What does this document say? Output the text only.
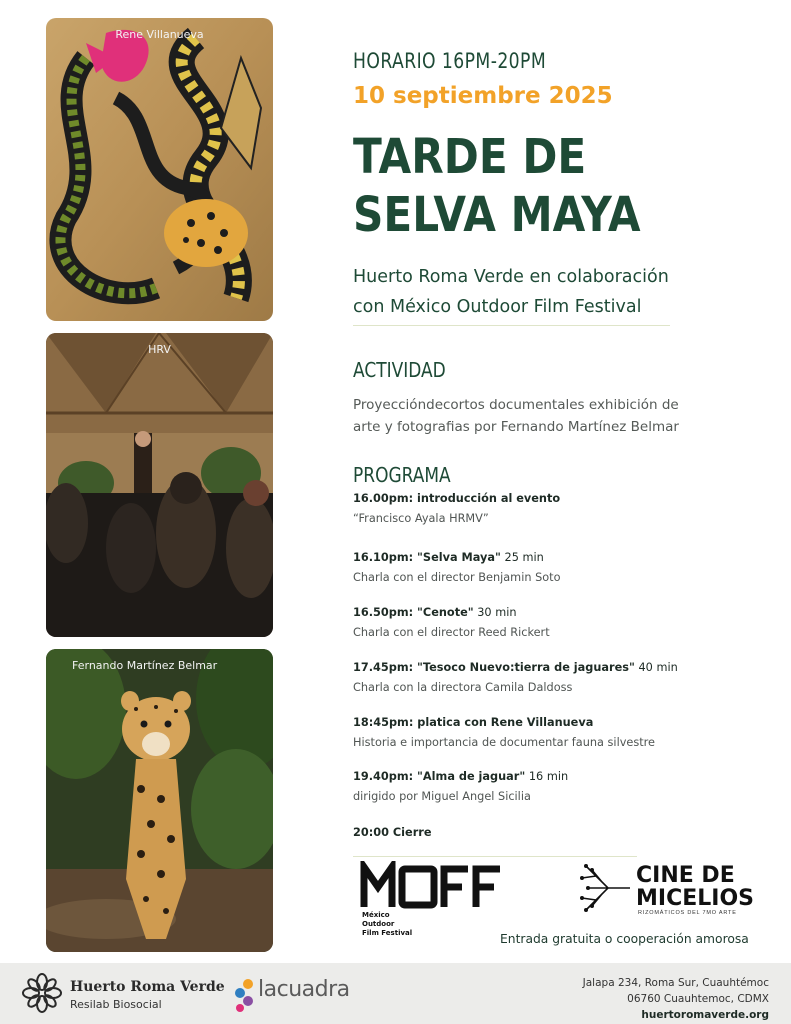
Rene Villanueva
HRV
Fernando Martínez Belmar
HORARIO 16PM-20PM
10 septiembre 2025
TARDE DE
SELVA MAYA
Huerto Roma Verde en colaboración
con México Outdoor Film Festival
ACTIVIDAD
Proyeccióndecortos documentales exhibición de
arte y fotografias por Fernando Martínez Belmar
PROGRAMA
16.00pm: introducción al evento
“Francisco Ayala HRMV”
16.10pm: "Selva Maya" 25 min
Charla con el director Benjamin Soto
16.50pm: "Cenote" 30 min
Charla con el director Reed Rickert
17.45pm: "Tesoco Nuevo:tierra de jaguares" 40 min
Charla con la directora Camila Daldoss
18:45pm: platica con Rene Villanueva
Historia e importancia de documentar fauna silvestre
19.40pm: "Alma de jaguar" 16 min
dirigido por Miguel Angel Sicilia
20:00 Cierre
México
Outdoor
Film Festival
CINE DE
MICELIOS
RIZOMÁTICOS DEL 7MO ARTE
Entrada gratuita o cooperación amorosa
Huerto Roma Verde
Resilab Biosocial
lacuadra	Jalapa 234, Roma Sur, Cuauhtémoc
06760 Cuauhtemoc, CDMX
huertoromaverde.org
